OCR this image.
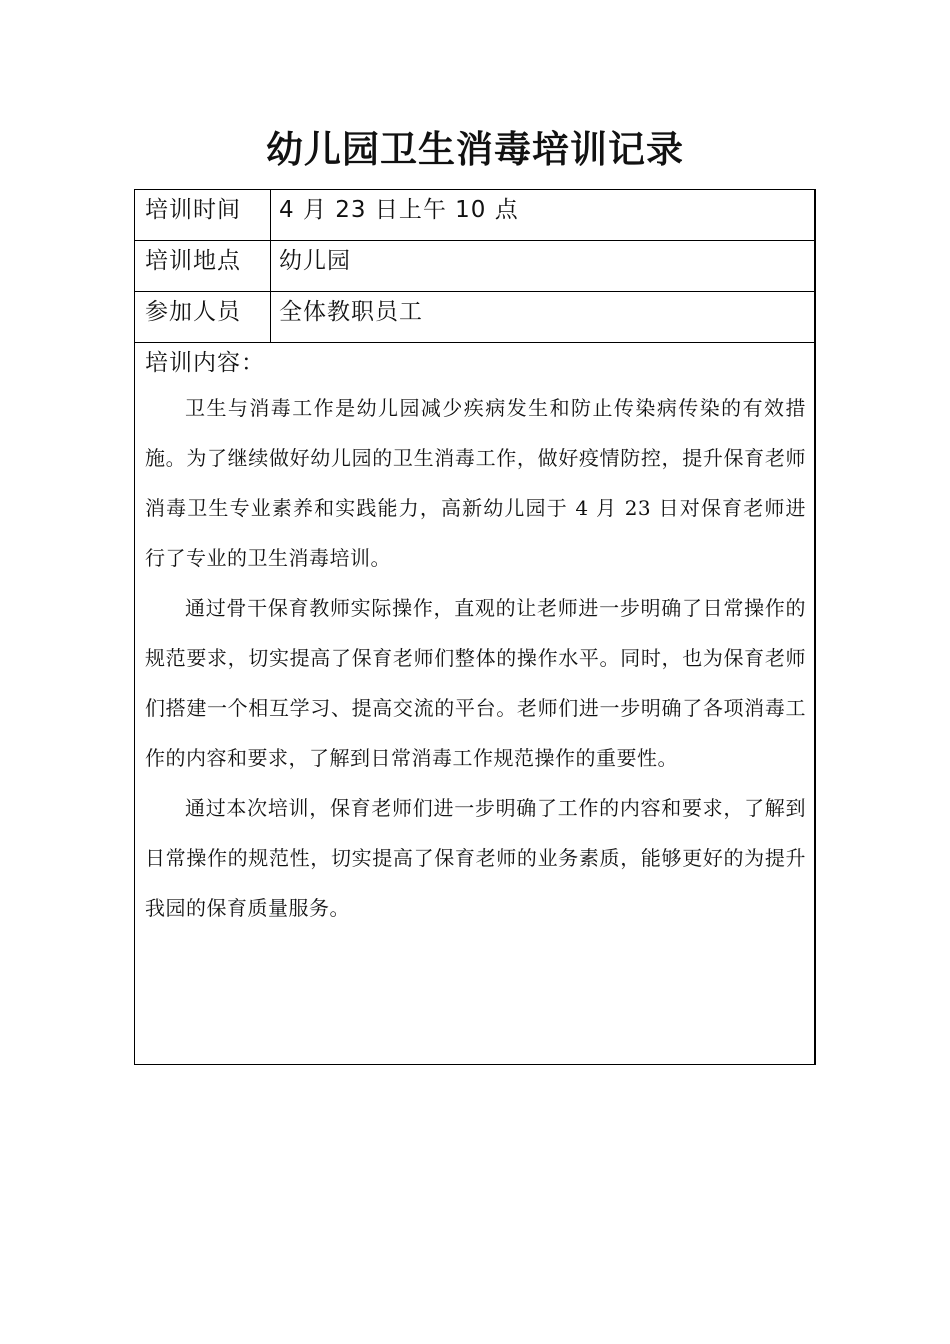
幼儿园卫生消毒培训记录
培训时间	4 月 23 日上午 10 点
培训地点	幼儿园
参加人员	全体教职员工

培训内容：

卫生与消毒工作是幼儿园减少疾病发生和防止传染病传染的有效措施。为了继续做好幼儿园的卫生消毒工作，做好疫情防控，提升保育老师消毒卫生专业素养和实践能力，高新幼儿园于 4 月 23 日对保育老师进行了专业的卫生消毒培训。

通过骨干保育教师实际操作，直观的让老师进一步明确了日常操作的规范要求，切实提高了保育老师们整体的操作水平。同时，也为保育老师们搭建一个相互学习、提高交流的平台。老师们进一步明确了各项消毒工作的内容和要求，了解到日常消毒工作规范操作的重要性。

通过本次培训，保育老师们进一步明确了工作的内容和要求，了解到日常操作的规范性，切实提高了保育老师的业务素质，能够更好的为提升我园的保育质量服务。
